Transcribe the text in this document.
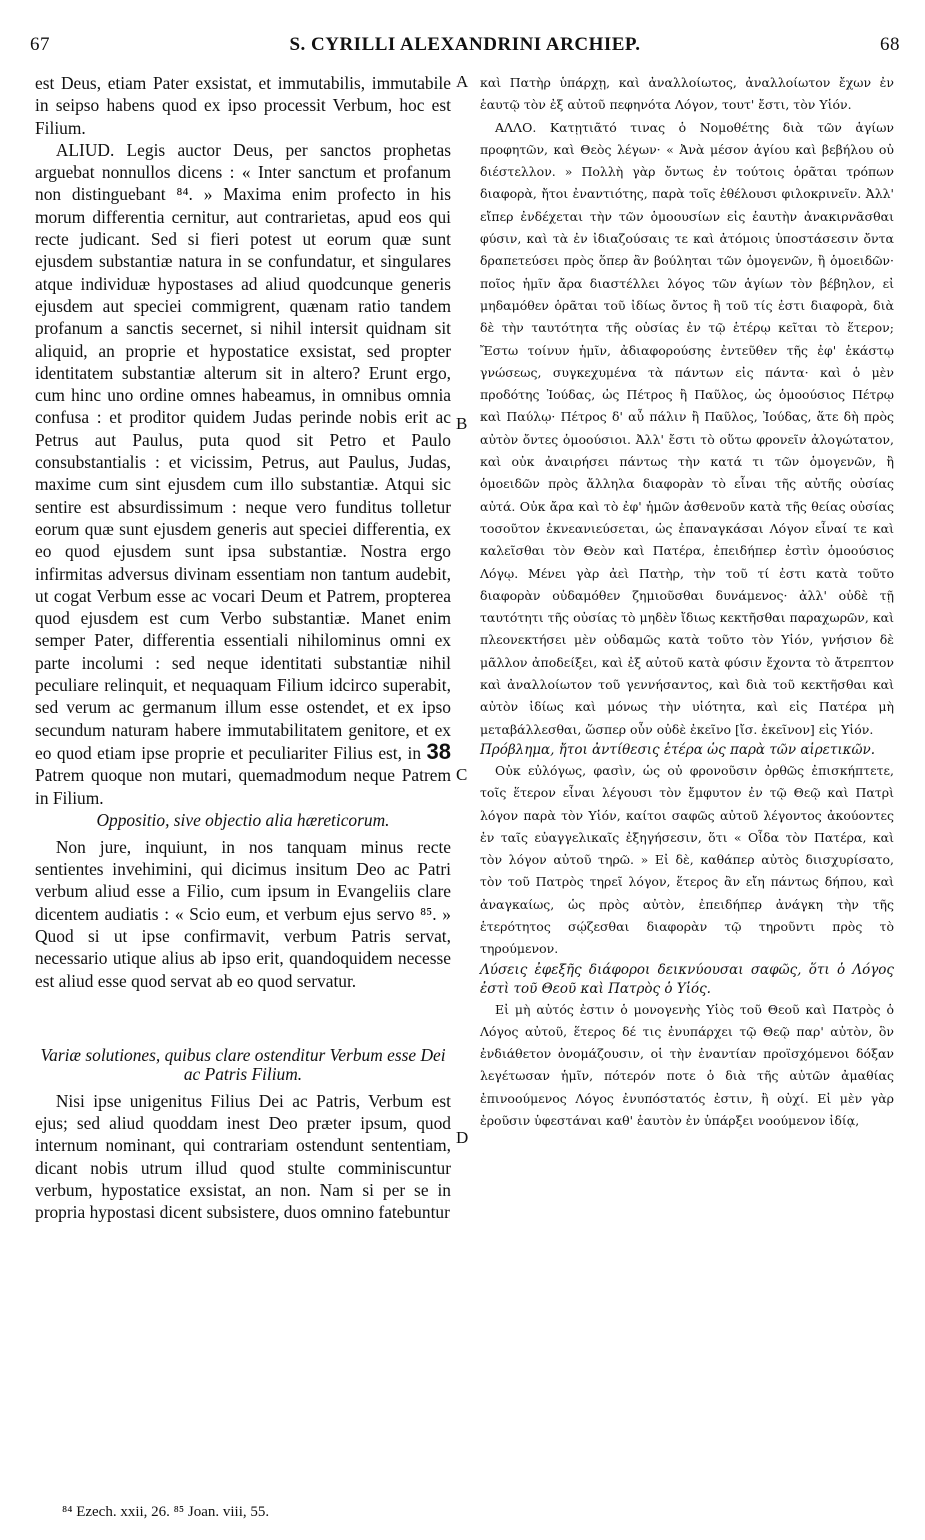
67	S. CYRILLI ALEXANDRINI ARCHIEP.	68
A
B
C
D

est Deus, etiam Pater exsistat, et immutabilis, immutabile in seipso habens quod ex ipso processit Verbum, hoc est Filium.

ALIUD. Legis auctor Deus, per sanctos prophetas arguebat nonnullos dicens : « Inter sanctum et profanum non distinguebant ⁸⁴. » Maxima enim profecto in his morum differentia cernitur, aut contrarietas, apud eos qui recte judicant. Sed si fieri potest ut eorum quæ sunt ejusdem substantiæ natura in se confundatur, et singulares atque individuæ hypostases ad aliud quodcunque generis ejusdem aut speciei commigrent, quænam ratio tandem profanum a sanctis secernet, si nihil intersit quidnam sit aliquid, an proprie et hypostatice exsistat, sed propter identitatem substantiæ alterum sit in altero? Erunt ergo, cum hinc uno ordine omnes habeamus, in omnibus omnia confusa : et proditor quidem Judas perinde nobis erit ac Petrus aut Paulus, puta quod sit Petro et Paulo consubstantialis : et vicissim, Petrus, aut Paulus, Judas, maxime cum sint ejusdem cum illo substantiæ. Atqui sic sentire est absurdissimum : neque vero funditus tolletur eorum quæ sunt ejusdem generis aut speciei differentia, ex eo quod ejusdem sunt ipsa substantiæ. Nostra ergo infirmitas adversus divinam essentiam non tantum audebit, ut cogat Verbum esse ac vocari Deum et Patrem, propterea quod ejusdem est cum Verbo substantiæ. Manet enim semper Pater, differentia essentiali nihilominus omni ex parte incolumi : sed neque identitati substantiæ nihil peculiare relinquit, et nequaquam Filium idcirco superabit, sed verum ac germanum illum esse ostendet, et ex ipso secundum naturam habere immutabilitatem genitore, et ex eo quod etiam ipse proprie et peculiariter Filius est, in 38 Patrem quoque non mutari, quemadmodum neque Patrem in Filium.

Oppositio, sive objectio alia hæreticorum.

Non jure, inquiunt, in nos tanquam minus recte sentientes invehimini, qui dicimus insitum Deo ac Patri verbum aliud esse a Filio, cum ipsum in Evangeliis clare dicentem audiatis : « Scio eum, et verbum ejus servo ⁸⁵. » Quod si ut ipse confirmavit, verbum Patris servat, necessario utique alius ab ipso erit, quandoquidem necesse est aliud esse quod servat ab eo quod servatur.

Variæ solutiones, quibus clare ostenditur Verbum esse Dei ac Patris Filium.

Nisi ipse unigenitus Filius Dei ac Patris, Verbum est ejus; sed aliud quoddam inest Deo præter ipsum, quod internum nominant, qui contrariam ostendunt sententiam, dicant nobis utrum illud quod stulte comminiscuntur verbum, hypostatice exsistat, an non. Nam si per se in propria hypostasi dicent subsistere, duos omnino fatebuntur

καὶ Πατὴρ ὑπάρχῃ, καὶ ἀναλλοίωτος, ἀναλλοίωτον ἔχων ἐν ἑαυτῷ τὸν ἐξ αὐτοῦ πεφηνότα Λόγον, τουτ' ἔστι, τὸν Υἱόν.

ΑΛΛΟ. Κατῃτιᾶτό τινας ὁ Νομοθέτης διὰ τῶν ἁγίων προφητῶν, καὶ Θεὸς λέγων· « Ἀνὰ μέσον ἁγίου καὶ βεβήλου οὐ διέστελλον. » Πολλὴ γὰρ ὄντως ἐν τούτοις ὁρᾶται τρόπων διαφορὰ, ἤτοι ἐναντιότης, παρὰ τοῖς ἐθέλουσι φιλοκρινεῖν. Ἀλλ' εἴπερ ἐνδέχεται τὴν τῶν ὁμοουσίων εἰς ἑαυτὴν ἀνακιρνᾶσθαι φύσιν, καὶ τὰ ἐν ἰδιαζούσαις τε καὶ ἀτόμοις ὑποστάσεσιν ὄντα δραπετεύσει πρὸς ὅπερ ἂν βούληται τῶν ὁμογενῶν, ἢ ὁμοειδῶν· ποῖος ἡμῖν ἄρα διαστέλλει λόγος τῶν ἁγίων τὸν βέβηλον, εἰ μηδαμόθεν ὁρᾶται τοῦ ἰδίως ὄντος ἢ τοῦ τίς ἐστι διαφορὰ, διὰ δὲ τὴν ταυτότητα τῆς οὐσίας ἐν τῷ ἑτέρῳ κεῖται τὸ ἕτερον; Ἔστω τοίνυν ἡμῖν, ἀδιαφορούσης ἐντεῦθεν τῆς ἐφ' ἑκάστῳ γνώσεως, συγκεχυμένα τὰ πάντων εἰς πάντα· καὶ ὁ μὲν προδότης Ἰούδας, ὡς Πέτρος ἢ Παῦλος, ὡς ὁμοούσιος Πέτρῳ καὶ Παύλῳ· Πέτρος δ' αὖ πάλιν ἢ Παῦλος, Ἰούδας, ἅτε δὴ πρὸς αὐτὸν ὄντες ὁμοούσιοι. Ἀλλ' ἔστι τὸ οὕτω φρονεῖν ἀλογώτατον, καὶ οὐκ ἀναιρήσει πάντως τὴν κατά τι τῶν ὁμογενῶν, ἢ ὁμοειδῶν πρὸς ἄλληλα διαφορὰν τὸ εἶναι τῆς αὐτῆς οὐσίας αὐτά. Οὐκ ἄρα καὶ τὸ ἐφ' ἡμῶν ἀσθενοῦν κατὰ τῆς θείας οὐσίας τοσοῦτον ἐκνεανιεύσεται, ὡς ἐπαναγκάσαι Λόγον εἶναί τε καὶ καλεῖσθαι τὸν Θεὸν καὶ Πατέρα, ἐπειδήπερ ἐστὶν ὁμοούσιος Λόγῳ. Μένει γὰρ ἀεὶ Πατὴρ, τὴν τοῦ τί ἐστι κατὰ τοῦτο διαφορὰν οὐδαμόθεν ζημιοῦσθαι δυνάμενος· ἀλλ' οὐδὲ τῇ ταυτότητι τῆς οὐσίας τὸ μηδὲν ἴδιως κεκτῆσθαι παραχωρῶν, καὶ πλεονεκτήσει μὲν οὐδαμῶς κατὰ τοῦτο τὸν Υἱόν, γνήσιον δὲ μᾶλλον ἀποδείξει, καὶ ἐξ αὐτοῦ κατὰ φύσιν ἔχοντα τὸ ἄτρεπτον καὶ ἀναλλοίωτον τοῦ γεννήσαντος, καὶ διὰ τοῦ κεκτῆσθαι καὶ αὐτὸν ἰδίως καὶ μόνως τὴν υἱότητα, καὶ εἰς Πατέρα μὴ μεταβάλλεσθαι, ὥσπερ οὖν οὐδὲ ἐκεῖνο [ἴσ. ἐκεῖνον] εἰς Υἱόν.

Πρόβλημα, ἤτοι ἀντίθεσις ἑτέρα ὡς παρὰ τῶν αἱρετικῶν.

Οὐκ εὐλόγως, φασὶν, ὡς οὐ φρονοῦσιν ὀρθῶς ἐπισκήπτετε, τοῖς ἕτερον εἶναι λέγουσι τὸν ἔμφυτον ἐν τῷ Θεῷ καὶ Πατρὶ λόγον παρὰ τὸν Υἱόν, καίτοι σαφῶς αὐτοῦ λέγοντος ἀκούοντες ἐν ταῖς εὐαγγελικαῖς ἐξηγήσεσιν, ὅτι « Οἶδα τὸν Πατέρα, καὶ τὸν λόγον αὐτοῦ τηρῶ. » Εἰ δὲ, καθάπερ αὐτὸς διισχυρίσατο, τὸν τοῦ Πατρὸς τηρεῖ λόγον, ἕτερος ἂν εἴη πάντως δήπου, καὶ ἀναγκαίως, ὡς πρὸς αὐτὸν, ἐπειδήπερ ἀνάγκη τὴν τῆς ἑτερότητος σῴζεσθαι διαφορὰν τῷ τηροῦντι πρὸς τὸ τηρούμενον.

Λύσεις ἐφεξῆς διάφοροι δεικνύουσαι σαφῶς, ὅτι ὁ Λόγος ἐστὶ τοῦ Θεοῦ καὶ Πατρὸς ὁ Υἱός.

Εἰ μὴ αὐτός ἐστιν ὁ μονογενὴς Υἱὸς τοῦ Θεοῦ καὶ Πατρὸς ὁ Λόγος αὐτοῦ, ἕτερος δέ τις ἐνυπάρχει τῷ Θεῷ παρ' αὐτὸν, ὃν ἐνδιάθετον ὀνομάζουσιν, οἱ τὴν ἐναντίαν προϊσχόμενοι δόξαν λεγέτωσαν ἡμῖν, πότερόν ποτε ὁ διὰ τῆς αὐτῶν ἀμαθίας ἐπινοούμενος Λόγος ἐνυπόστατός ἐστιν, ἢ οὐχί. Εἰ μὲν γὰρ ἐροῦσιν ὑφεστάναι καθ' ἑαυτὸν ἐν ὑπάρξει νοούμενον ἰδίᾳ,

⁸⁴ Ezech. xxii, 26. ⁸⁵ Joan. viii, 55.
